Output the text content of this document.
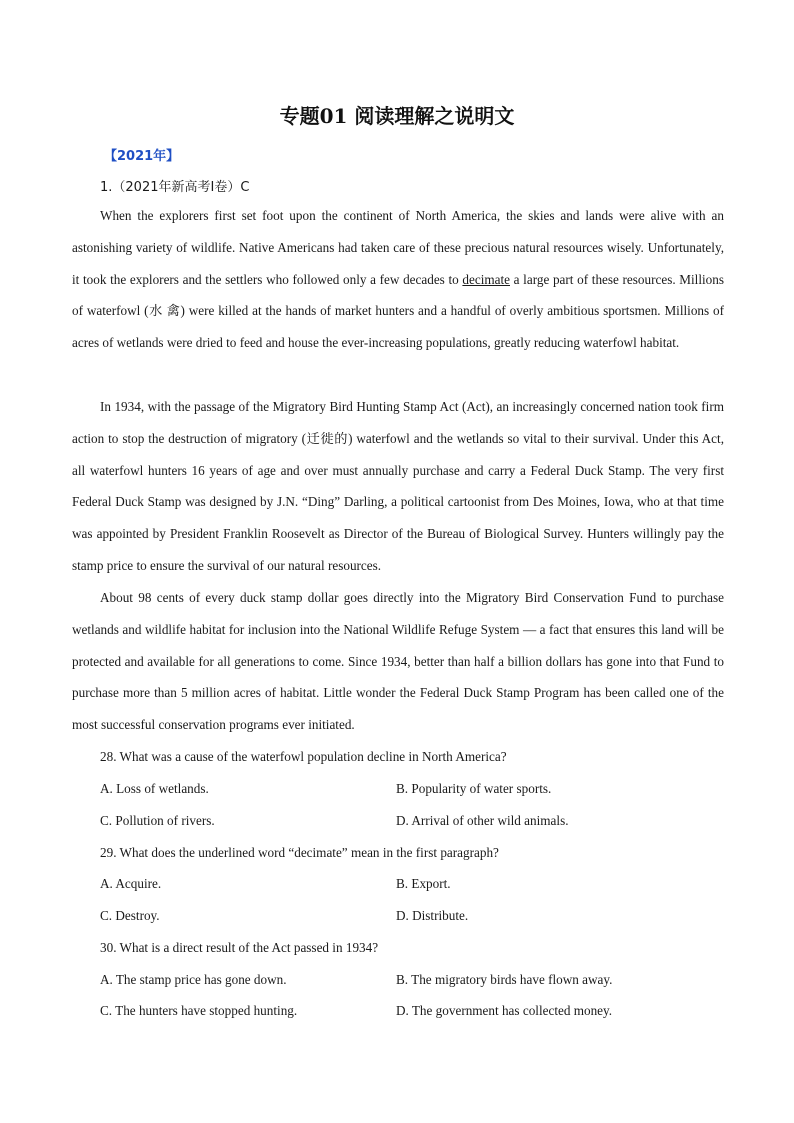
专题01 阅读理解之说明文
【2021年】
1.（2021年新高考I卷）C

When the explorers first set foot upon the continent of North America, the skies and lands were alive with an astonishing variety of wildlife. Native Americans had taken care of these precious natural resources wisely. Unfortunately, it took the explorers and the settlers who followed only a few decades to decimate a large part of these resources. Millions of waterfowl (水 禽) were killed at the hands of market hunters and a handful of overly ambitious sportsmen. Millions of acres of wetlands were dried to feed and house the ever-increasing populations, greatly reducing waterfowl habitat.

In 1934, with the passage of the Migratory Bird Hunting Stamp Act (Act), an increasingly concerned nation took firm action to stop the destruction of migratory (迁徙的) waterfowl and the wetlands so vital to their survival. Under this Act, all waterfowl hunters 16 years of age and over must annually purchase and carry a Federal Duck Stamp. The very first Federal Duck Stamp was designed by J.N. “Ding” Darling, a political cartoonist from Des Moines, Iowa, who at that time was appointed by President Franklin Roosevelt as Director of the Bureau of Biological Survey. Hunters willingly pay the stamp price to ensure the survival of our natural resources.

About 98 cents of every duck stamp dollar goes directly into the Migratory Bird Conservation Fund to purchase wetlands and wildlife habitat for inclusion into the National Wildlife Refuge System — a fact that ensures this land will be protected and available for all generations to come. Since 1934, better than half a billion dollars has gone into that Fund to purchase more than 5 million acres of habitat. Little wonder the Federal Duck Stamp Program has been called one of the most successful conservation programs ever initiated.

28. What was a cause of the waterfowl population decline in North America?
A. Loss of wetlands.	B. Popularity of water sports.
C. Pollution of rivers.	D. Arrival of other wild animals.
29. What does the underlined word “decimate” mean in the first paragraph?
A. Acquire.	B. Export.
C. Destroy.	D. Distribute.
30. What is a direct result of the Act passed in 1934?
A. The stamp price has gone down.	B. The migratory birds have flown away.
C. The hunters have stopped hunting.	D. The government has collected money.
